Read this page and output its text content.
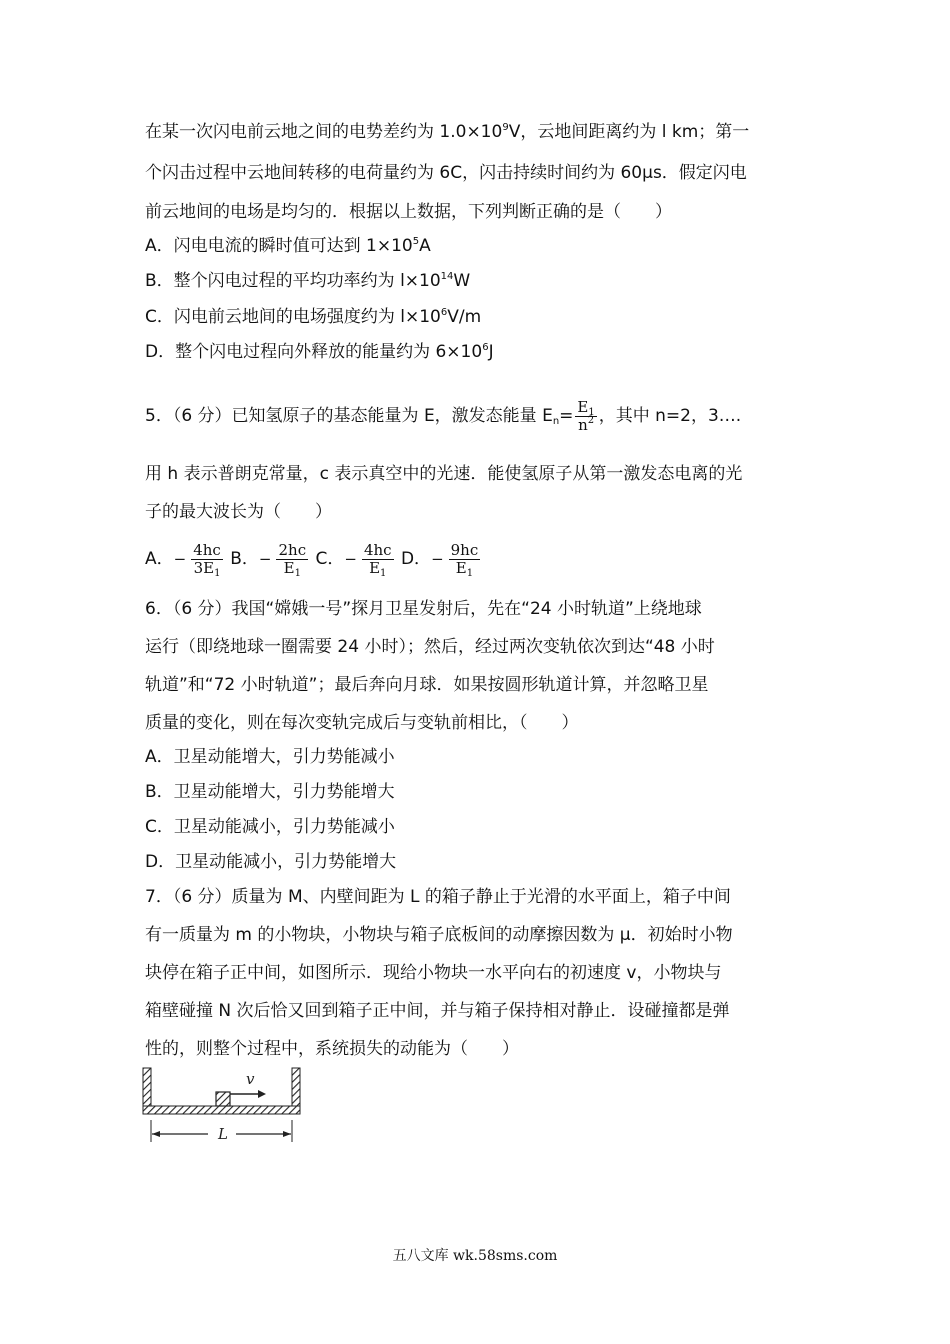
在某一次闪电前云地之间的电势差约为 $1.0\times 10^9V$，云地间距离约为 l km；第一
个闪击过程中云地间转移的电荷量约为 6C，闪击持续时间约为 60μs．假定闪电
前云地间的电场是均匀的．根据以上数据，下列判断正确的是（　　）
A．闪电电流的瞬时值可达到 $1\times 10^5A$
B．整个闪电过程的平均功率约为 $l\times 10^{14}W$
C．闪电前云地间的电场强度约为 $l\times 10^6V/m$
D．整个闪电过程向外释放的能量约为 $6\times 10^6J$
5．（6 分）已知氢原子的基态能量为 E，激发态能量 $E_n= \frac{E_1}{n^2}$ ，其中 n=2，3….
用 h 表示普朗克常量，c 表示真空中的光速．能使氢原子从第一激发态电离的光
子的最大波长为（　　）
A．− $\frac{4hc}{3E_1}$ B．− $\frac{2hc}{E_1}$ C．− $\frac{4hc}{E_1}$ D．− $\frac{9hc}{E_1}$
6．（6 分）我国“嫦娥一号”探月卫星发射后，先在“24 小时轨道”上绕地球
运行（即绕地球一圈需要 24 小时）；然后，经过两次变轨依次到达“48 小时
轨道”和“72 小时轨道”；最后奔向月球．如果按圆形轨道计算，并忽略卫星
质量的变化，则在每次变轨完成后与变轨前相比，（　　）
A．卫星动能增大，引力势能减小
B．卫星动能增大，引力势能增大
C．卫星动能减小，引力势能减小
D．卫星动能减小，引力势能增大
7．（6 分）质量为 M、内壁间距为 L 的箱子静止于光滑的水平面上，箱子中间
有一质量为 m 的小物块，小物块与箱子底板间的动摩擦因数为 μ．初始时小物
块停在箱子正中间，如图所示．现给小物块一水平向右的初速度 v，小物块与
箱壁碰撞 N 次后恰又回到箱子正中间，并与箱子保持相对静止．设碰撞都是弹
性的，则整个过程中，系统损失的动能为（　　）
v
L
五八文库 wk.58sms.com
